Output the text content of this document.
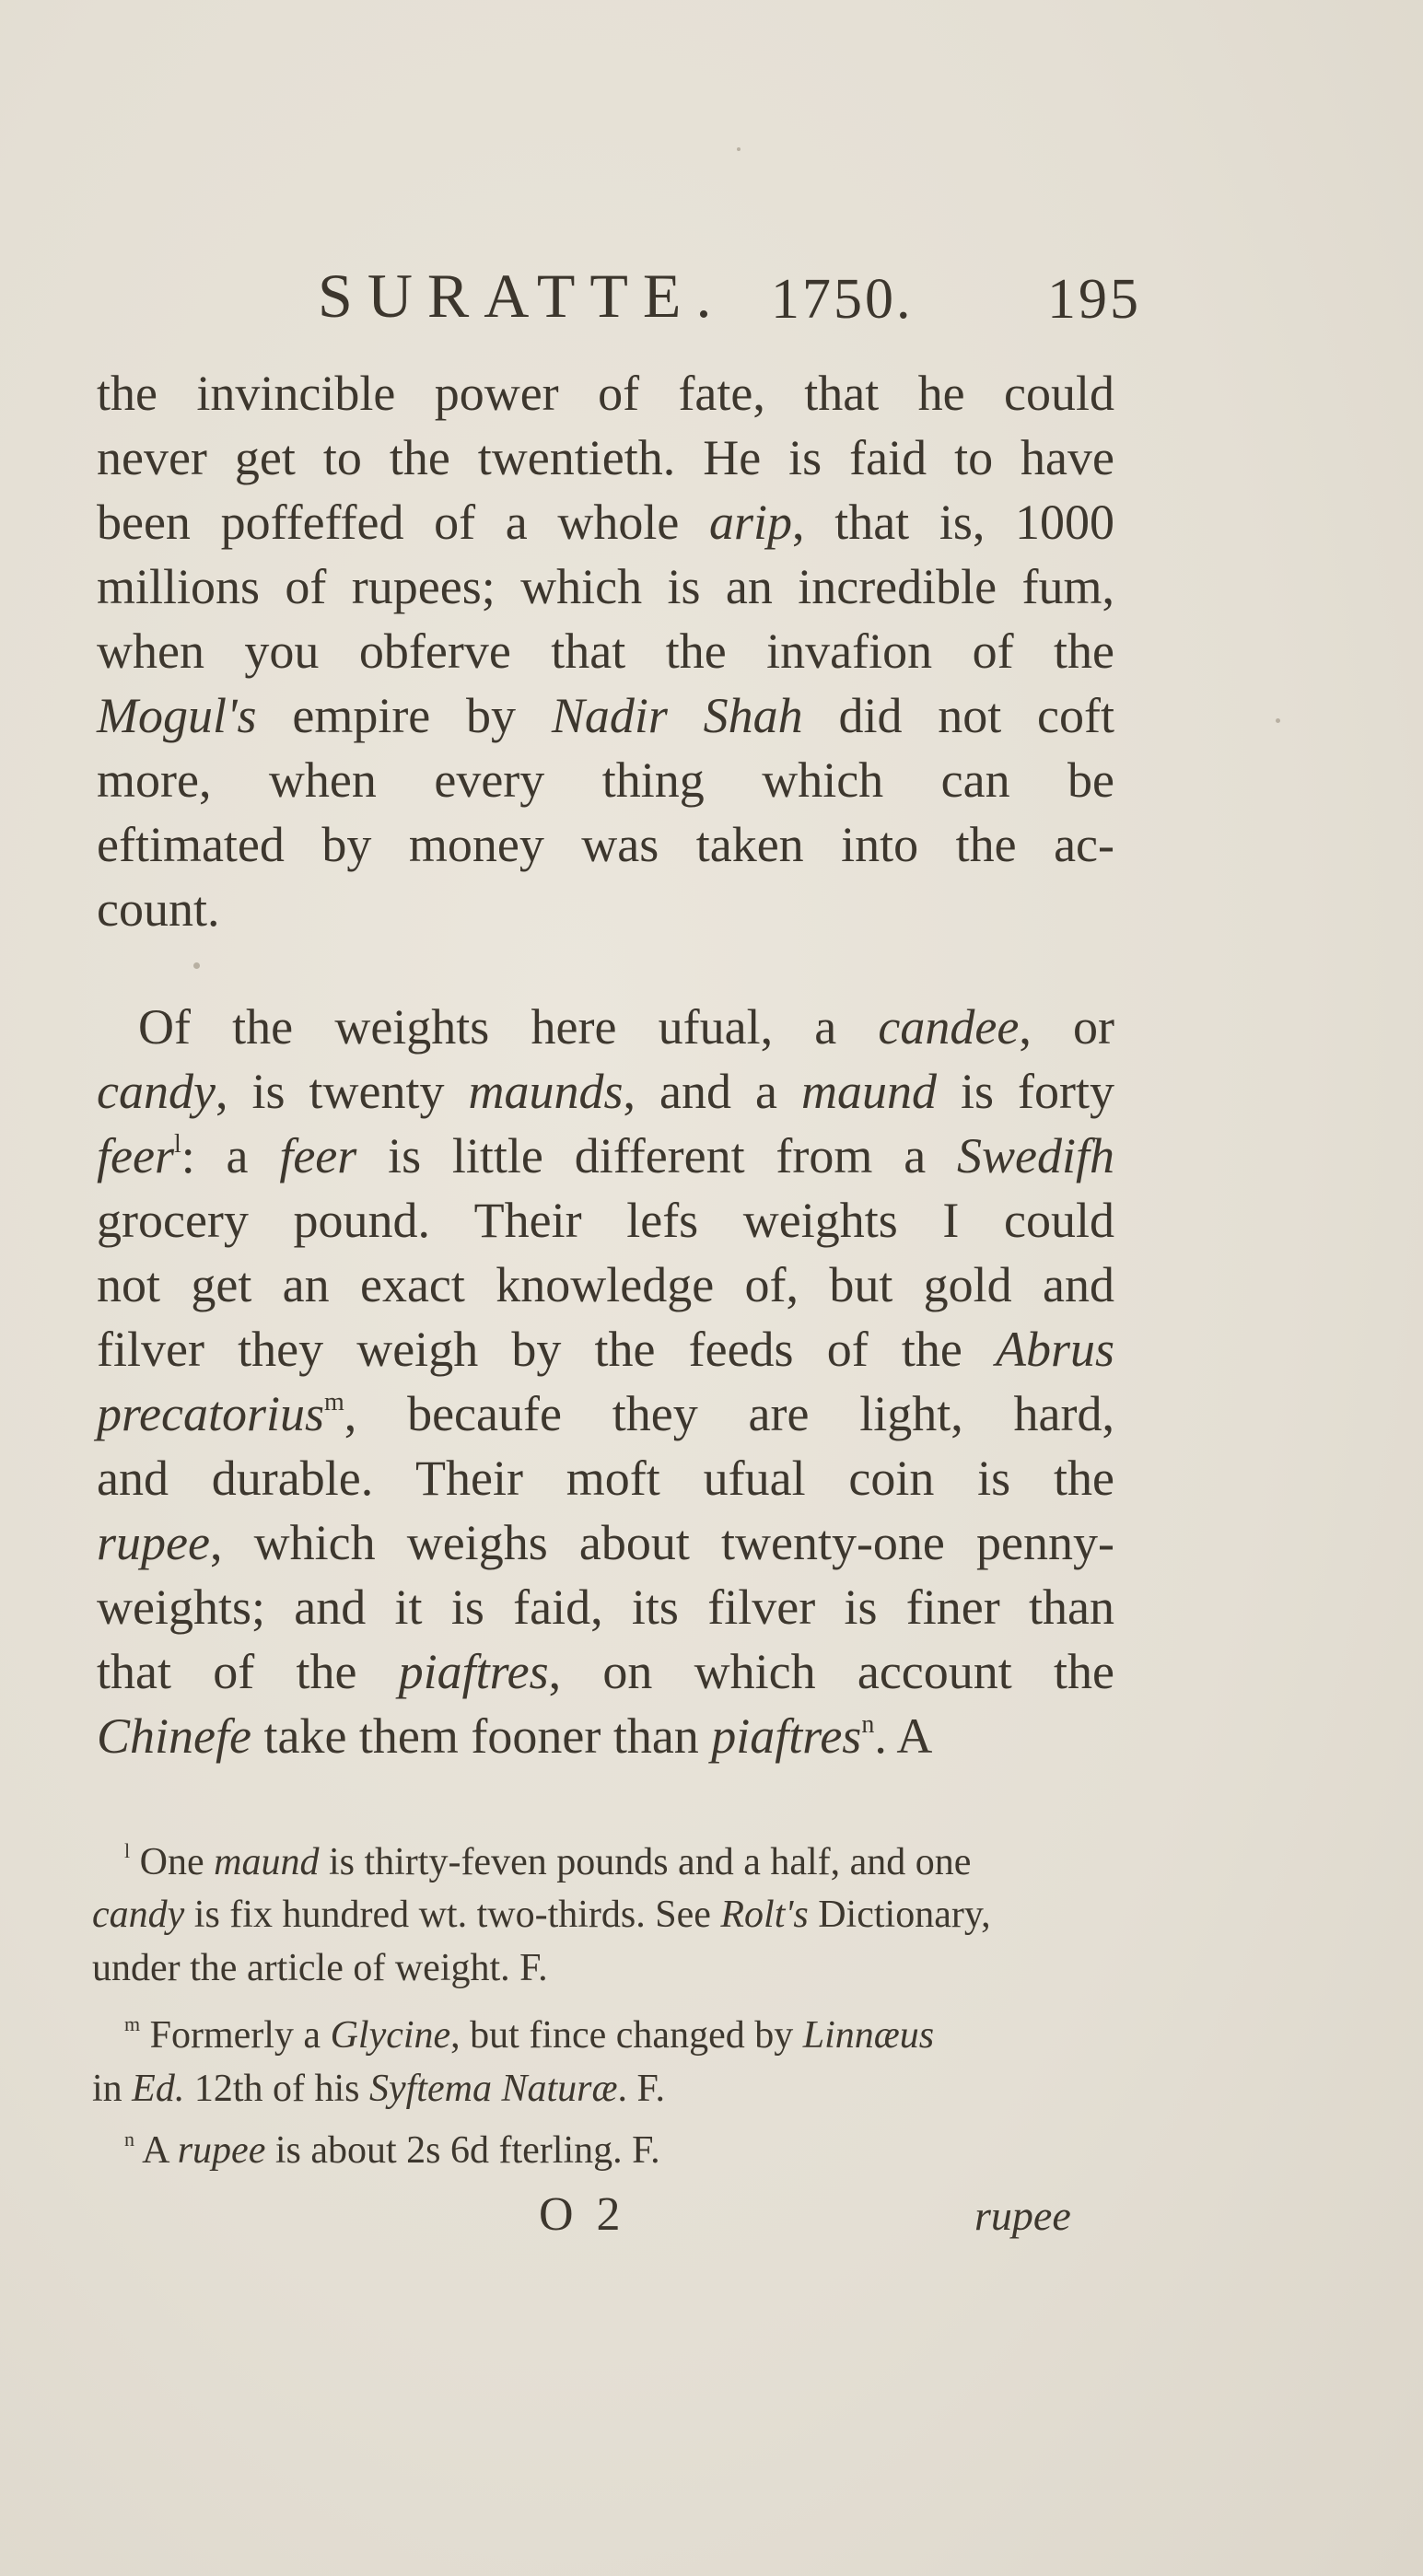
SURATTE. 1750. 195
the invincible power of fate, that he could
never get to the twentieth. He is faid to have
been poffeffed of a whole arip, that is, 1000
millions of rupees; which is an incredible fum,
when you obferve that the invafion of the
Mogul's empire by Nadir Shah did not coft
more, when every thing which can be
eftimated by money was taken into the ac-
count.
Of the weights here ufual, a candee, or
candy, is twenty maunds, and a maund is forty
feer$^l$: a feer is little different from a Swedifh
grocery pound. Their lefs weights I could
not get an exact knowledge of, but gold and
filver they weigh by the feeds of the Abrus
precatorius$^m$, becaufe they are light, hard,
and durable. Their moft ufual coin is the
rupee, which weighs about twenty-one penny-
weights; and it is faid, its filver is finer than
that of the piaftres, on which account the
Chinefe take them fooner than piaftres$^n$. A
$^l$ One maund is thirty-feven pounds and a half, and one
candy is fix hundred wt. two-thirds. See Rolt's Dictionary,
under the article of weight. F.
$^m$ Formerly a Glycine, but fince changed by Linnæus
in Ed. 12th of his Syftema Naturæ. F.
$^n$ A rupee is about 2s 6d fterling. F.
O 2	rupee
